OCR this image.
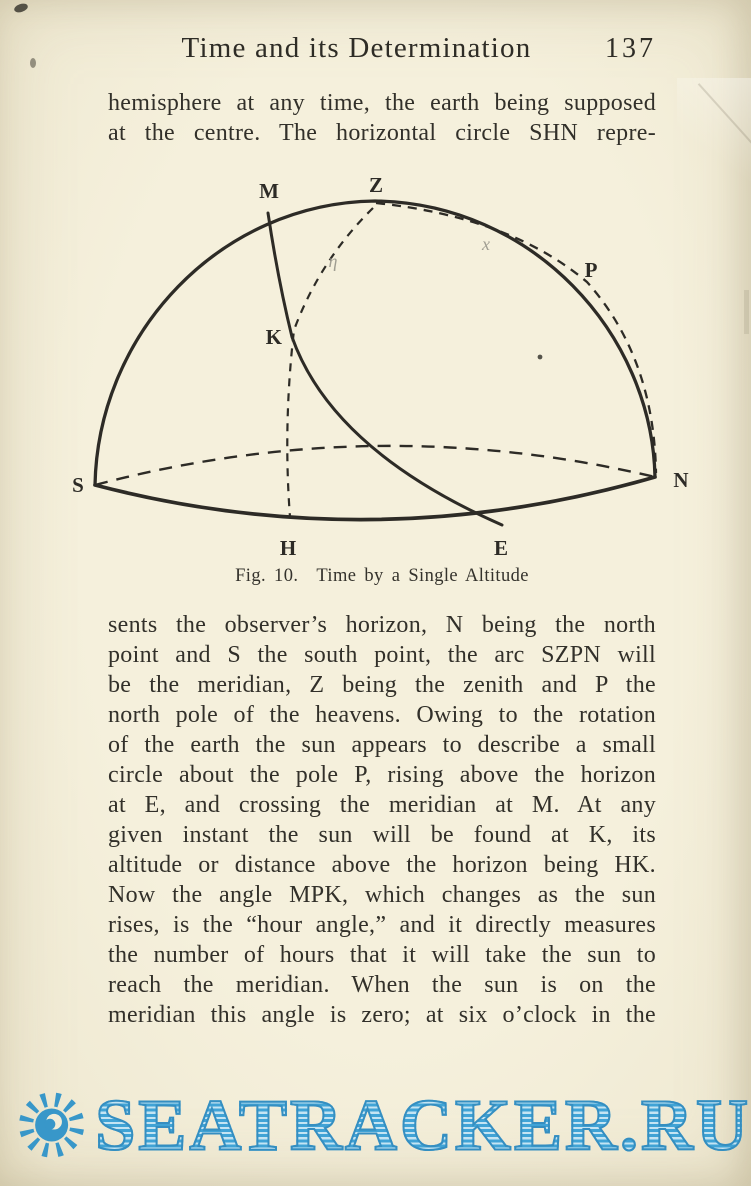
Time and its Determination	137
hemisphere at any time, the earth being supposed
at the centre. The horizontal circle SHN repre-
M	Z
P
K
S	N
H	E
η
x
Fig. 10. Time by a Single Altitude
sents the observer’s horizon, N being the north
point and S the south point, the arc SZPN will
be the meridian, Z being the zenith and P the
north pole of the heavens. Owing to the rotation
of the earth the sun appears to describe a small
circle about the pole P, rising above the horizon
at E, and crossing the meridian at M. At any
given instant the sun will be found at K, its
altitude or distance above the horizon being HK.
Now the angle MPK, which changes as the sun
rises, is the “hour angle,” and it directly measures
the number of hours that it will take the sun to
reach the meridian. When the sun is on the
meridian this angle is zero; at six o’clock in the
SEATRACKER.RU
